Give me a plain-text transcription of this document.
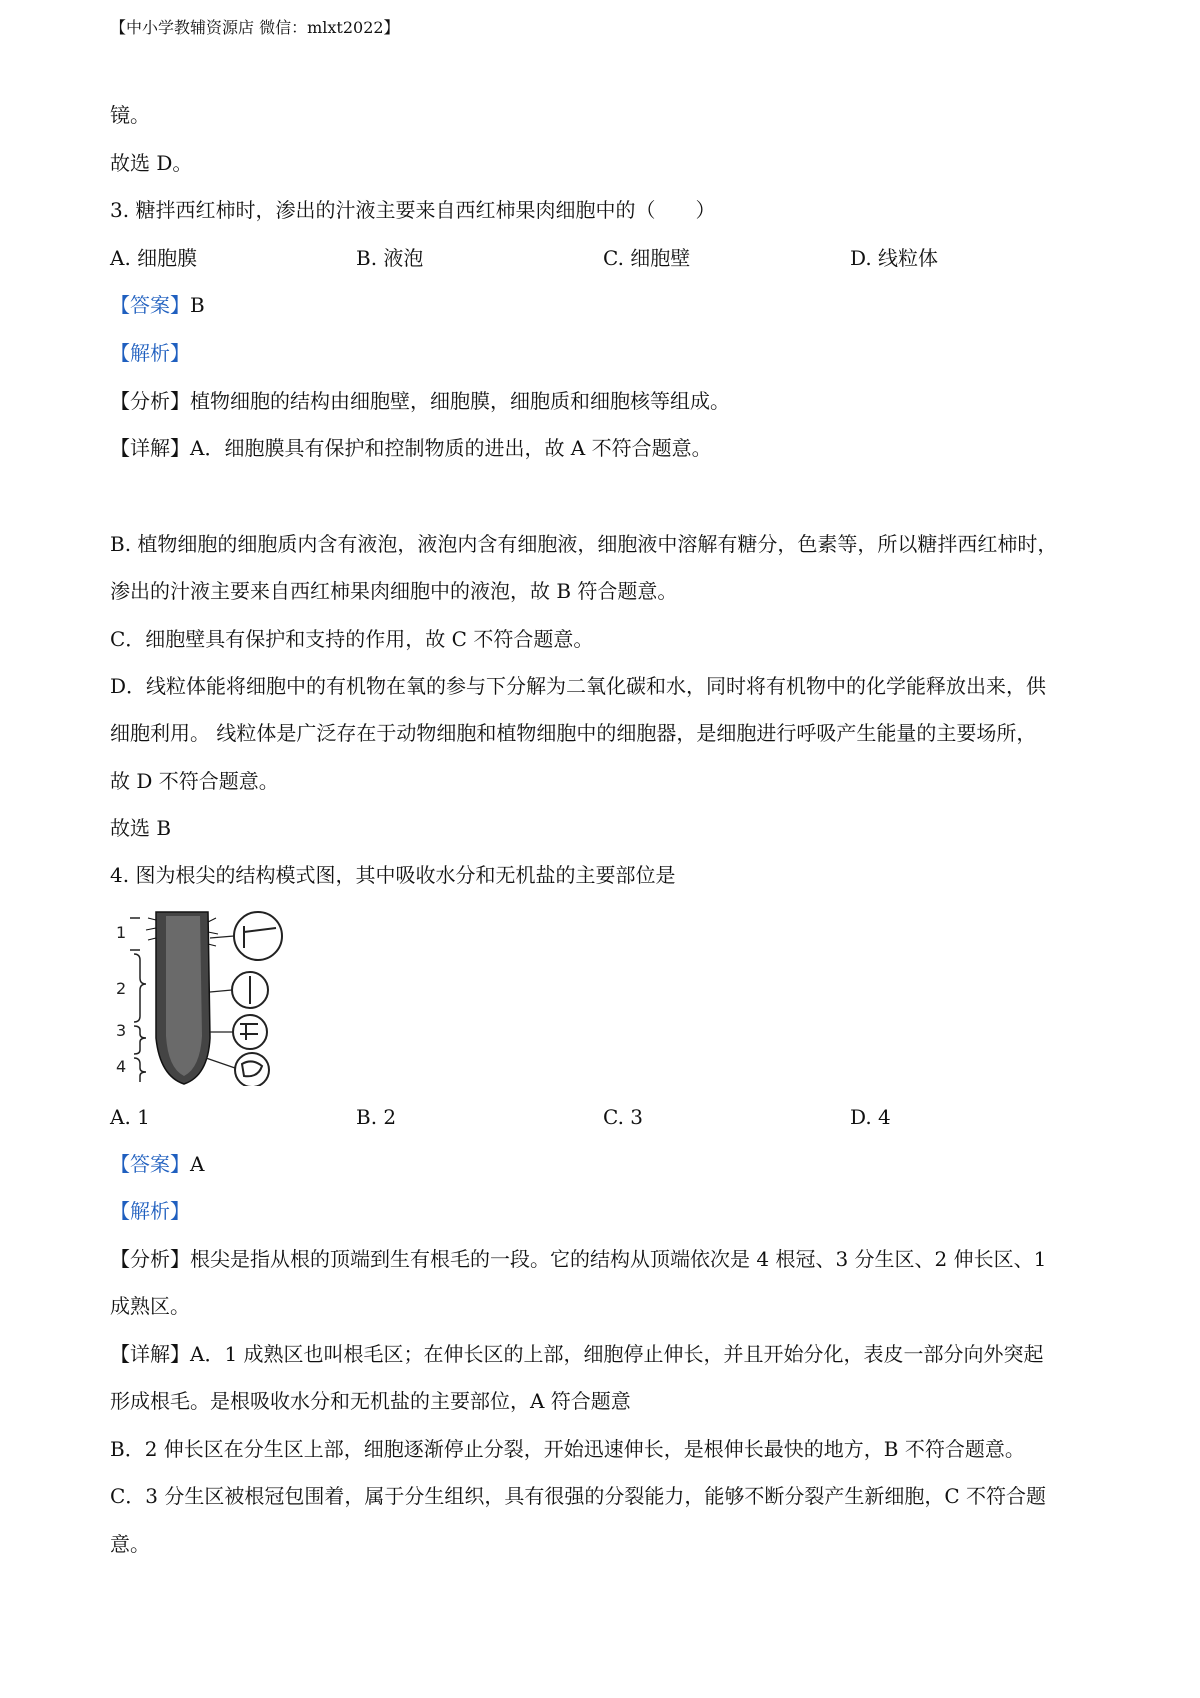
【中小学教辅资源店 微信：mlxt2022】
镜。
故选 D。
3. 糖拌西红柿时，渗出的汁液主要来自西红柿果肉细胞中的（　　）
A. 细胞膜	B. 液泡	C. 细胞壁	D. 线粒体
【答案】B
【解析】
【分析】植物细胞的结构由细胞壁，细胞膜，细胞质和细胞核等组成。
【详解】A．细胞膜具有保护和控制物质的进出，故 A 不符合题意。
B. 植物细胞的细胞质内含有液泡，液泡内含有细胞液，细胞液中溶解有糖分，色素等，所以糖拌西红柿时，
渗出的汁液主要来自西红柿果肉细胞中的液泡，故 B 符合题意。
C．细胞壁具有保护和支持的作用，故 C 不符合题意。
D．线粒体能将细胞中的有机物在氧的参与下分解为二氧化碳和水，同时将有机物中的化学能释放出来，供
细胞利用。 线粒体是广泛存在于动物细胞和植物细胞中的细胞器，是细胞进行呼吸产生能量的主要场所，
故 D 不符合题意。
故选 B
4. 图为根尖的结构模式图，其中吸收水分和无机盐的主要部位是
1
2
3
4
A. 1	B. 2	C. 3	D. 4
【答案】A
【解析】
【分析】根尖是指从根的顶端到生有根毛的一段。它的结构从顶端依次是 4 根冠、3 分生区、2 伸长区、1
成熟区。
【详解】A．1 成熟区也叫根毛区；在伸长区的上部，细胞停止伸长，并且开始分化，表皮一部分向外突起
形成根毛。是根吸收水分和无机盐的主要部位，A 符合题意
B．2 伸长区在分生区上部，细胞逐渐停止分裂，开始迅速伸长，是根伸长最快的地方，B 不符合题意。
C．3 分生区被根冠包围着，属于分生组织，具有很强的分裂能力，能够不断分裂产生新细胞，C 不符合题
意。
